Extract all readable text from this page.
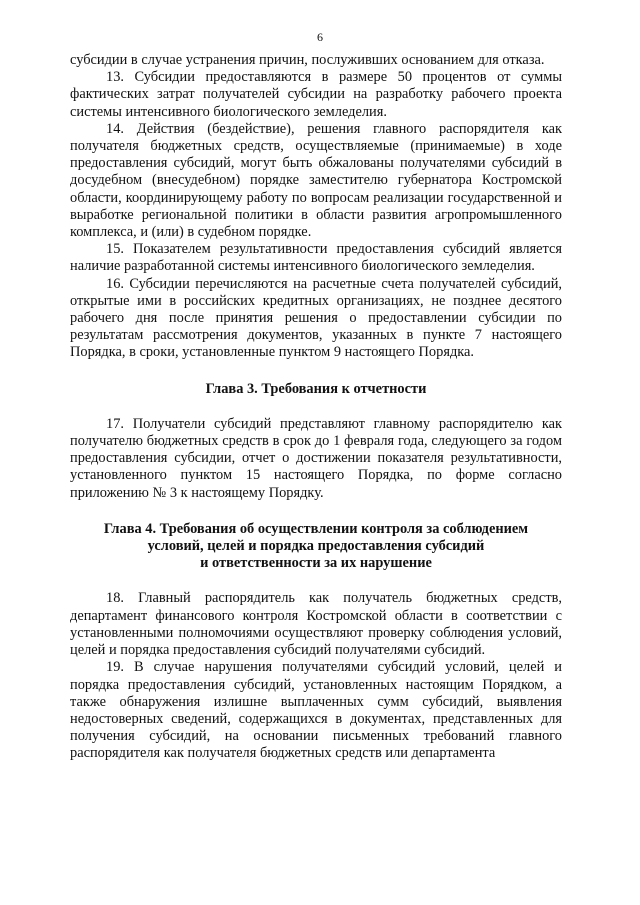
6

субсидии в случае устранения причин, послуживших основанием для отказа.

13. Субсидии предоставляются в размере 50 процентов от суммы фактических затрат получателей субсидии на разработку рабочего проекта системы интенсивного биологического земледелия.

14. Действия (бездействие), решения главного распорядителя как получателя бюджетных средств, осуществляемые (принимаемые) в ходе предоставления субсидий, могут быть обжалованы получателями субсидий в досудебном (внесудебном) порядке заместителю губернатора Костромской области, координирующему работу по вопросам реализации государственной и выработке региональной политики в области развития агропромышленного комплекса, и (или) в судебном порядке.

15. Показателем результативности предоставления субсидий является наличие разработанной системы интенсивного биологического земледелия.

16. Субсидии перечисляются на расчетные счета получателей субсидий, открытые ими в российских кредитных организациях, не позднее десятого рабочего дня после принятия решения о предоставлении субсидии по результатам рассмотрения документов, указанных в пункте 7 настоящего Порядка, в сроки, установленные пунктом 9 настоящего Порядка.

Глава 3. Требования к отчетности

17. Получатели субсидий представляют главному распорядителю как получателю бюджетных средств в срок до 1 февраля года, следующего за годом предоставления субсидии, отчет о достижении показателя результативности, установленного пунктом 15 настоящего Порядка, по форме согласно приложению № 3 к настоящему Порядку.

Глава 4. Требования об осуществлении контроля за соблюдением
условий, целей и порядка предоставления субсидий
и ответственности за их нарушение

18. Главный распорядитель как получатель бюджетных средств, департамент финансового контроля Костромской области в соответствии с установленными полномочиями осуществляют проверку соблюдения условий, целей и порядка предоставления субсидий получателями субсидий.

19. В случае нарушения получателями субсидий условий, целей и порядка предоставления субсидий, установленных настоящим Порядком, а также обнаружения излишне выплаченных сумм субсидий, выявления недостоверных сведений, содержащихся в документах, представленных для получения субсидий, на основании письменных требований главного распорядителя как получателя бюджетных средств или департамента
